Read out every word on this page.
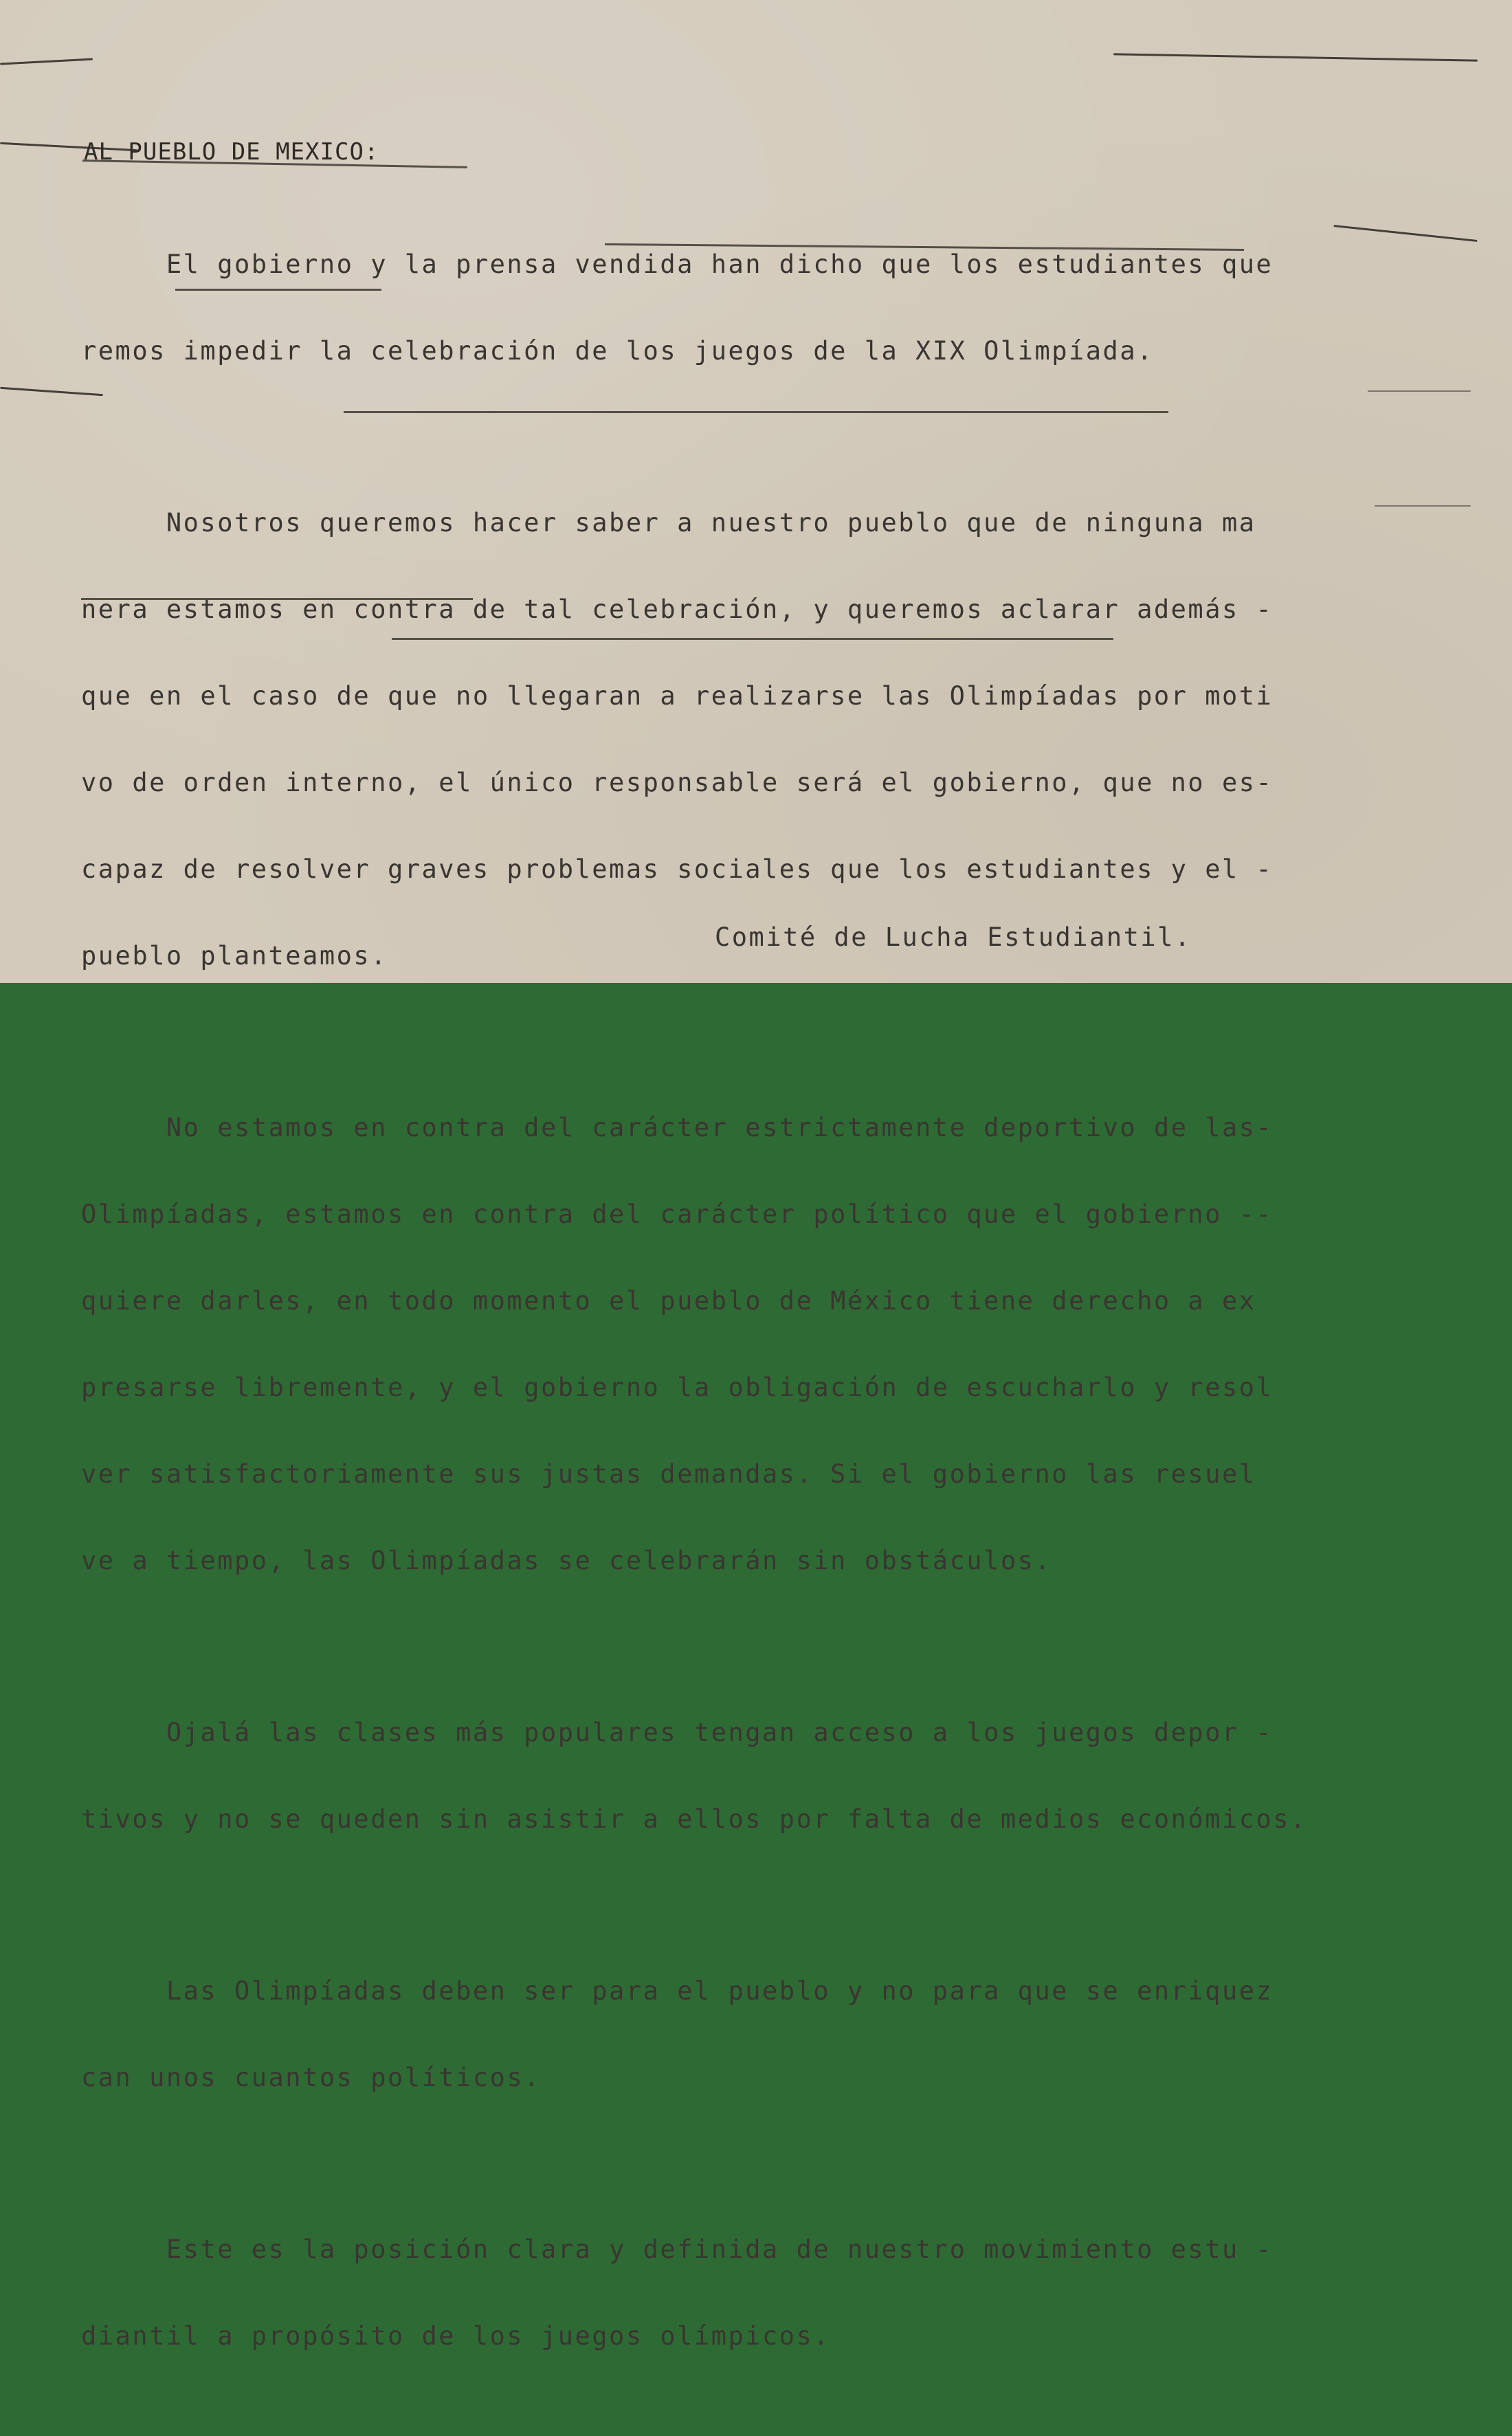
AL PUEBLO DE MEXICO:

El gobierno y la prensa vendida han dicho que los estudiantes que

remos impedir la celebración de los juegos de la XIX Olimpíada.

Nosotros queremos hacer saber a nuestro pueblo que de ninguna ma

nera estamos en contra de tal celebración, y queremos aclarar además -

que en el caso de que no llegaran a realizarse las Olimpíadas por moti

vo de orden interno, el único responsable será el gobierno, que no es-

capaz de resolver graves problemas sociales que los estudiantes y el -

pueblo planteamos.

No estamos en contra del carácter estrictamente deportivo de las-

Olimpíadas, estamos en contra del carácter político que el gobierno --

quiere darles, en todo momento el pueblo de México tiene derecho a ex

presarse libremente, y el gobierno la obligación de escucharlo y resol

ver satisfactoriamente sus justas demandas. Si el gobierno las resuel

ve a tiempo, las Olimpíadas se celebrarán sin obstáculos.

Ojalá las clases más populares tengan acceso a los juegos depor -

tivos y no se queden sin asistir a ellos por falta de medios económicos.

Las Olimpíadas deben ser para el pueblo y no para que se enriquez

can unos cuantos políticos.

Este es la posición clara y definida de nuestro movimiento estu -

diantil a propósito de los juegos olímpicos.

Comité de Lucha Estudiantil.
